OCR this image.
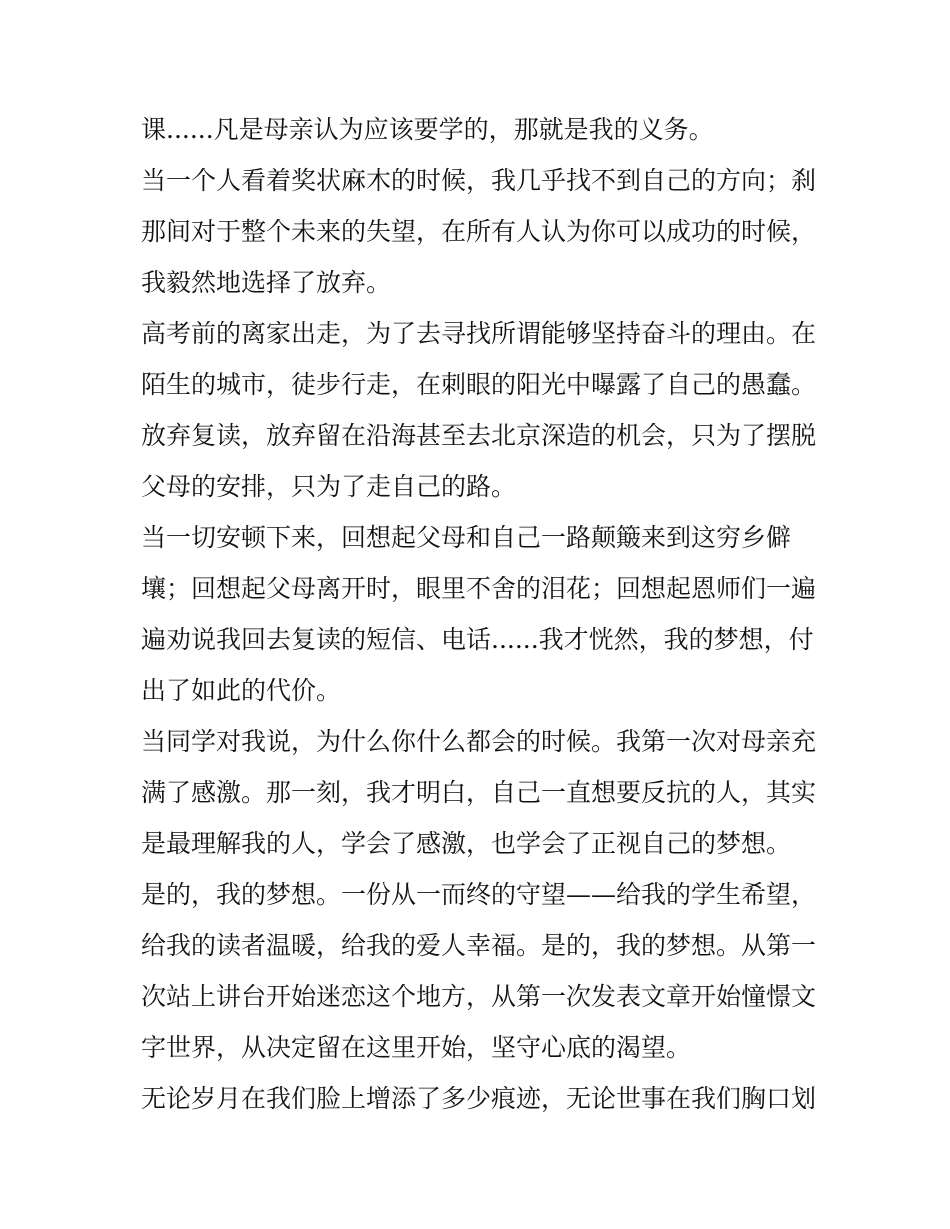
课......凡是母亲认为应该要学的，那就是我的义务。
当一个人看着奖状麻木的时候，我几乎找不到自己的方向；刹
那间对于整个未来的失望，在所有人认为你可以成功的时候，
我毅然地选择了放弃。
高考前的离家出走，为了去寻找所谓能够坚持奋斗的理由。在
陌生的城市，徒步行走，在刺眼的阳光中曝露了自己的愚蠢。
放弃复读，放弃留在沿海甚至去北京深造的机会，只为了摆脱
父母的安排，只为了走自己的路。
当一切安顿下来，回想起父母和自己一路颠簸来到这穷乡僻
壤；回想起父母离开时，眼里不舍的泪花；回想起恩师们一遍
遍劝说我回去复读的短信、电话......我才恍然，我的梦想，付
出了如此的代价。
当同学对我说，为什么你什么都会的时候。我第一次对母亲充
满了感激。那一刻，我才明白，自己一直想要反抗的人，其实
是最理解我的人，学会了感激，也学会了正视自己的梦想。
是的，我的梦想。一份从一而终的守望——给我的学生希望，
给我的读者温暖，给我的爱人幸福。是的，我的梦想。从第一
次站上讲台开始迷恋这个地方，从第一次发表文章开始憧憬文
字世界，从决定留在这里开始，坚守心底的渴望。
无论岁月在我们脸上增添了多少痕迹，无论世事在我们胸口划
